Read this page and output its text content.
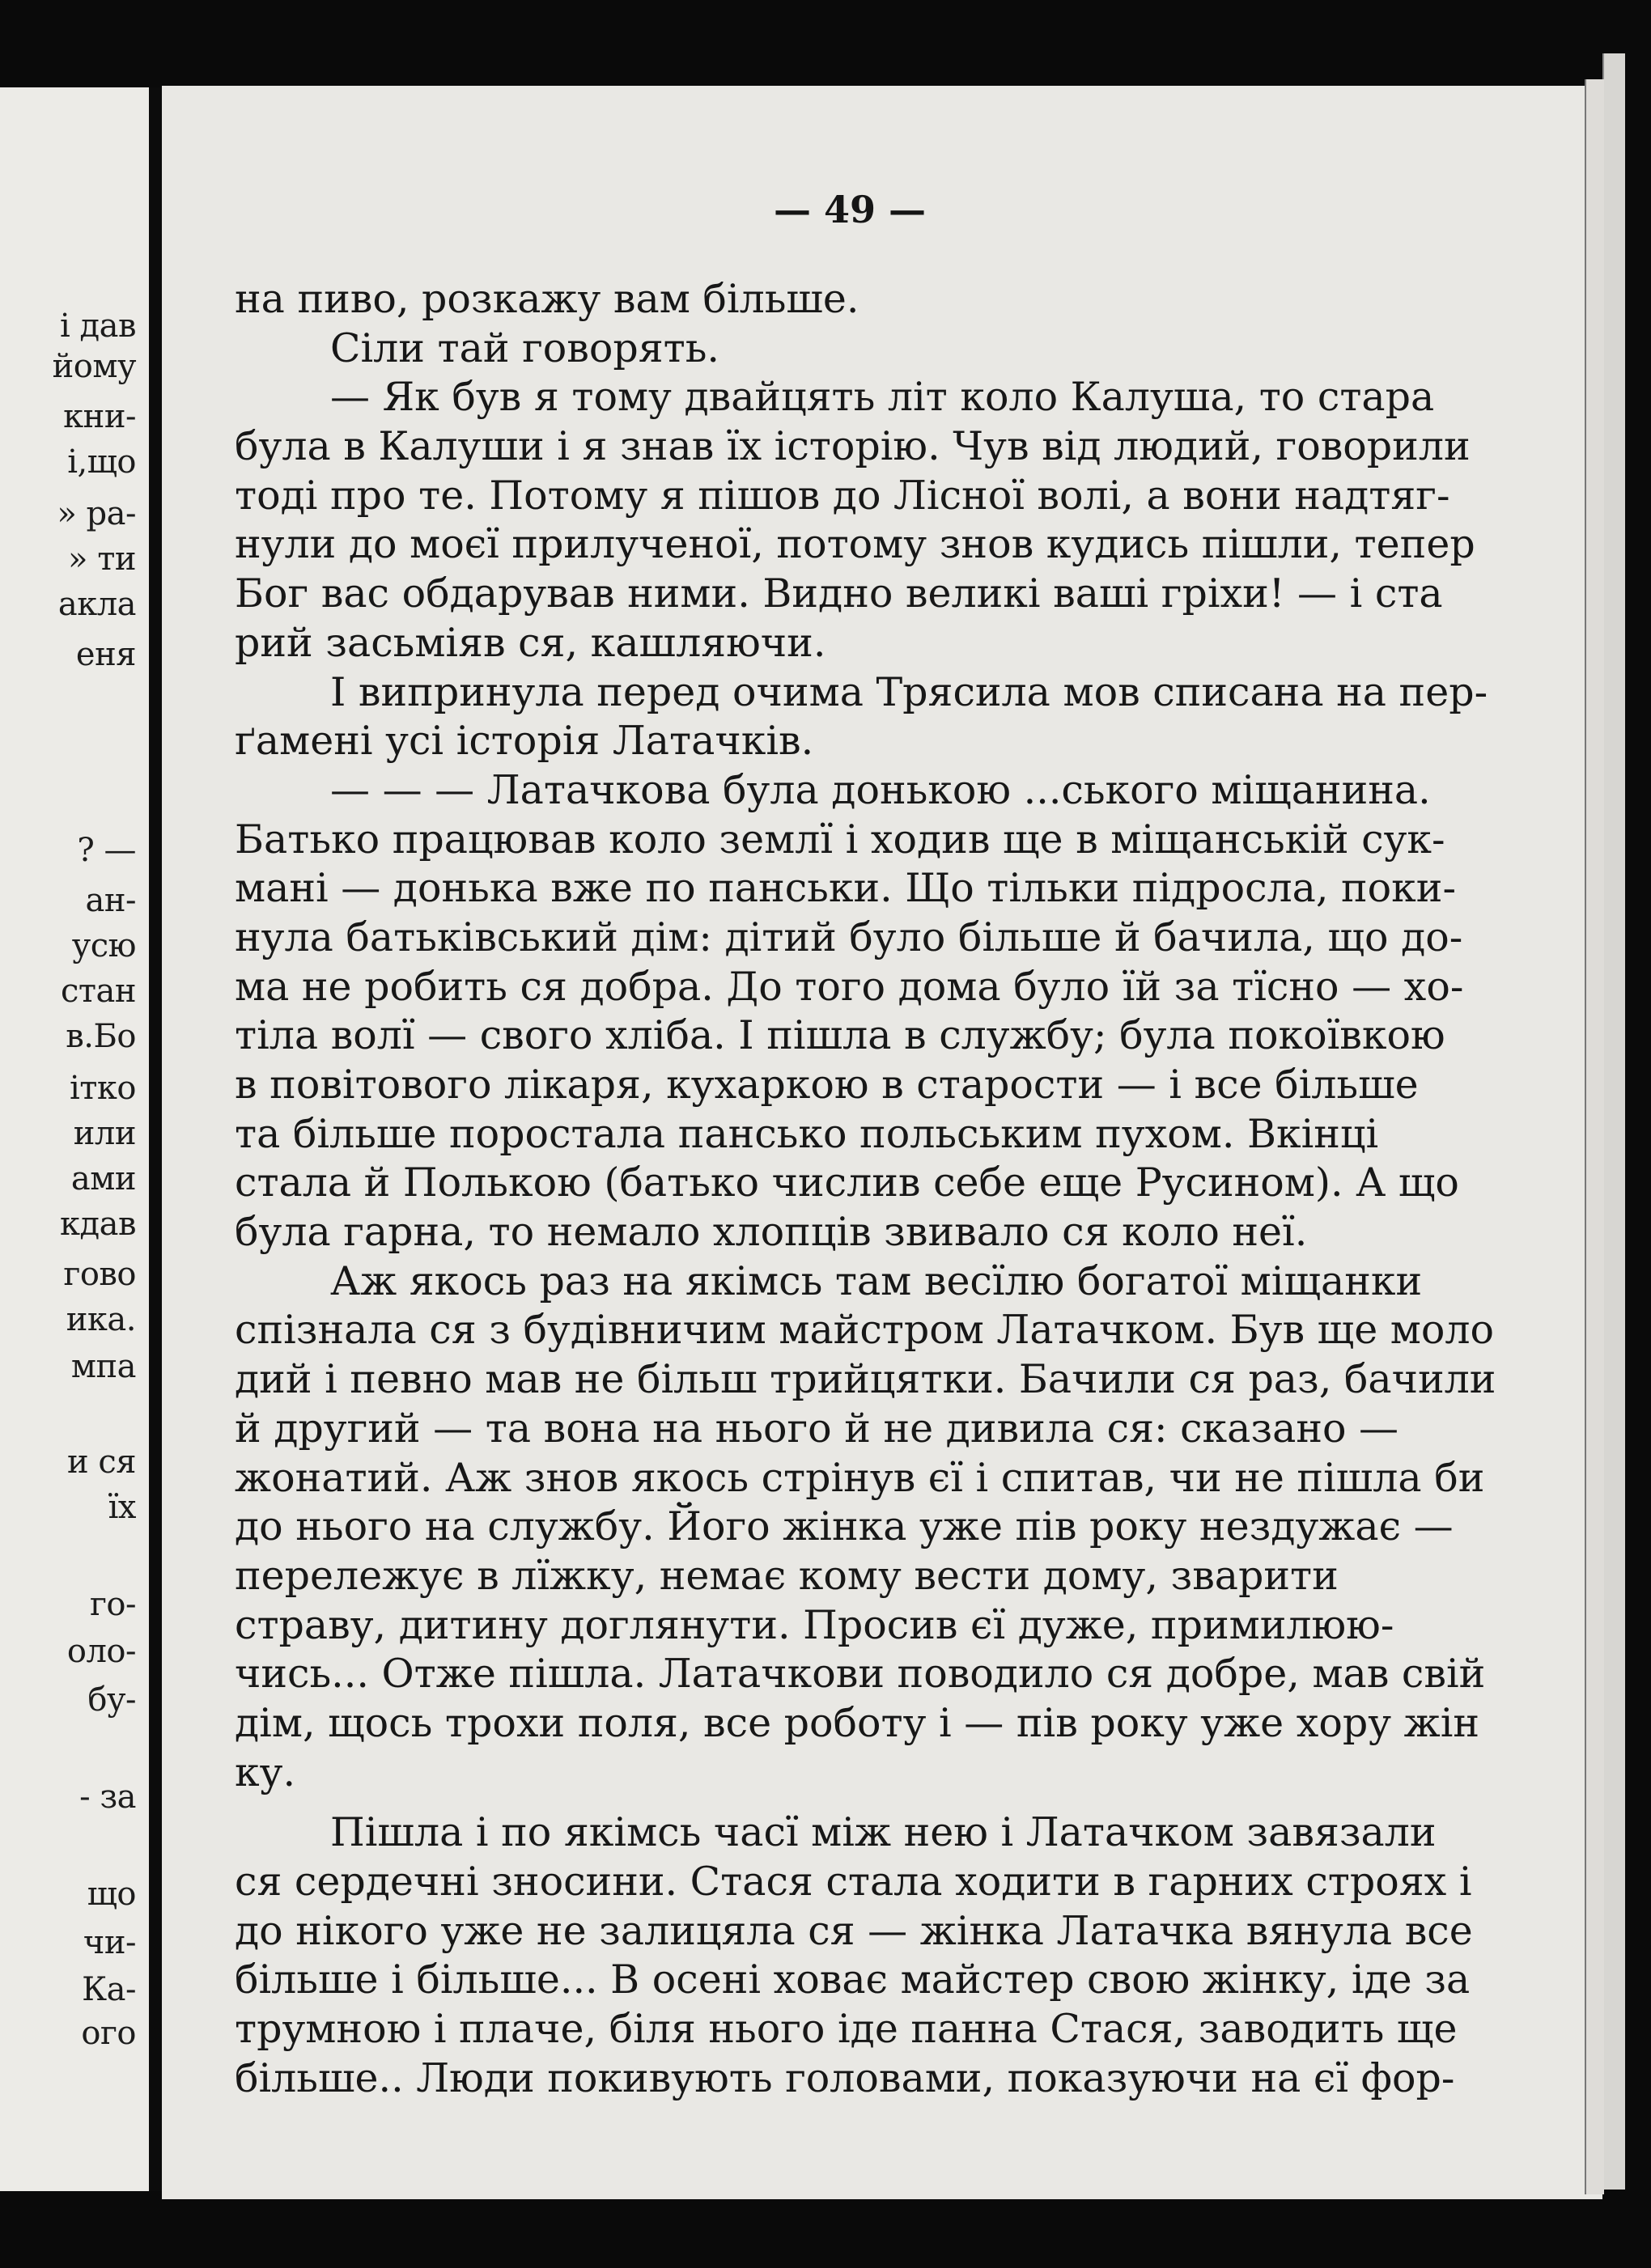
і дав
йому
кни-
і,що
» ра-
» ти
акла
еня
? —
ан-
усю
стан
в.Бо
ітко
или
ами
кдав
гово
ика.
мпа
и ся
їх
го-
оло-
бу-
- за
що
чи-
Ка-
ого
— 49 —
на пиво, розкажу вам більше.
Сіли тай говорять.
— Як був я тому двайцять літ коло Калуша, то стара
була в Калуши і я знав їх історію. Чув від людий, говорили
тоді про те. Потому я пішов до Лісної волі, а вони надтяг-
нули до моєї прилученої, потому знов кудись пішли, тепер
Бог вас обдарував ними. Видно великі ваші гріхи! — і ста
рий засьміяв ся, кашляючи.
І випринула перед очима Трясила мов списана на пер-
ґамені усі історія Латачків.
— — — Латачкова була донькою ...ського міщанина.
Батько працював коло землї і ходив ще в міщанській сук-
мані — донька вже по панськи. Що тільки підросла, поки-
нула батьківський дім: дітий було більше й бачила, що до-
ма не робить ся добра. До того дома було їй за тїсно — хо-
тіла волї — свого хліба. І пішла в службу; була покоївкою
в повітового лікаря, кухаркою в старости — і все більше
та більше поростала пансько польським пухом. Вкінці
стала й Полькою (батько числив себе еще Русином). А що
була гарна, то немало хлопців звивало ся коло неї.
Аж якось раз на якімсь там весїлю богатої міщанки
спізнала ся з будівничим майстром Латачком. Був ще моло
дий і певно мав не більш трийцятки. Бачили ся раз, бачили
й другий — та вона на нього й не дивила ся: сказано —
жонатий. Аж знов якось стрінув єї і спитав, чи не пішла би
до нього на службу. Його жінка уже пів року нездужає —
перележує в лїжку, немає кому вести дому, зварити
страву, дитину доглянути. Просив єї дуже, примилюю-
чись... Отже пішла. Латачкови поводило ся добре, мав свій
дім, щось трохи поля, все роботу і — пів року уже хору жін
ку.
Пішла і по якімсь часї між нею і Латачком завязали
ся сердечні зносини. Стася стала ходити в гарних строях і
до нікого уже не залицяла ся — жінка Латачка вянула все
більше і більше... В осені ховає майстер свою жінку, іде за
трумною і плаче, біля нього іде панна Стася, заводить ще
більше.. Люди покивують головами, показуючи на єї фор-
